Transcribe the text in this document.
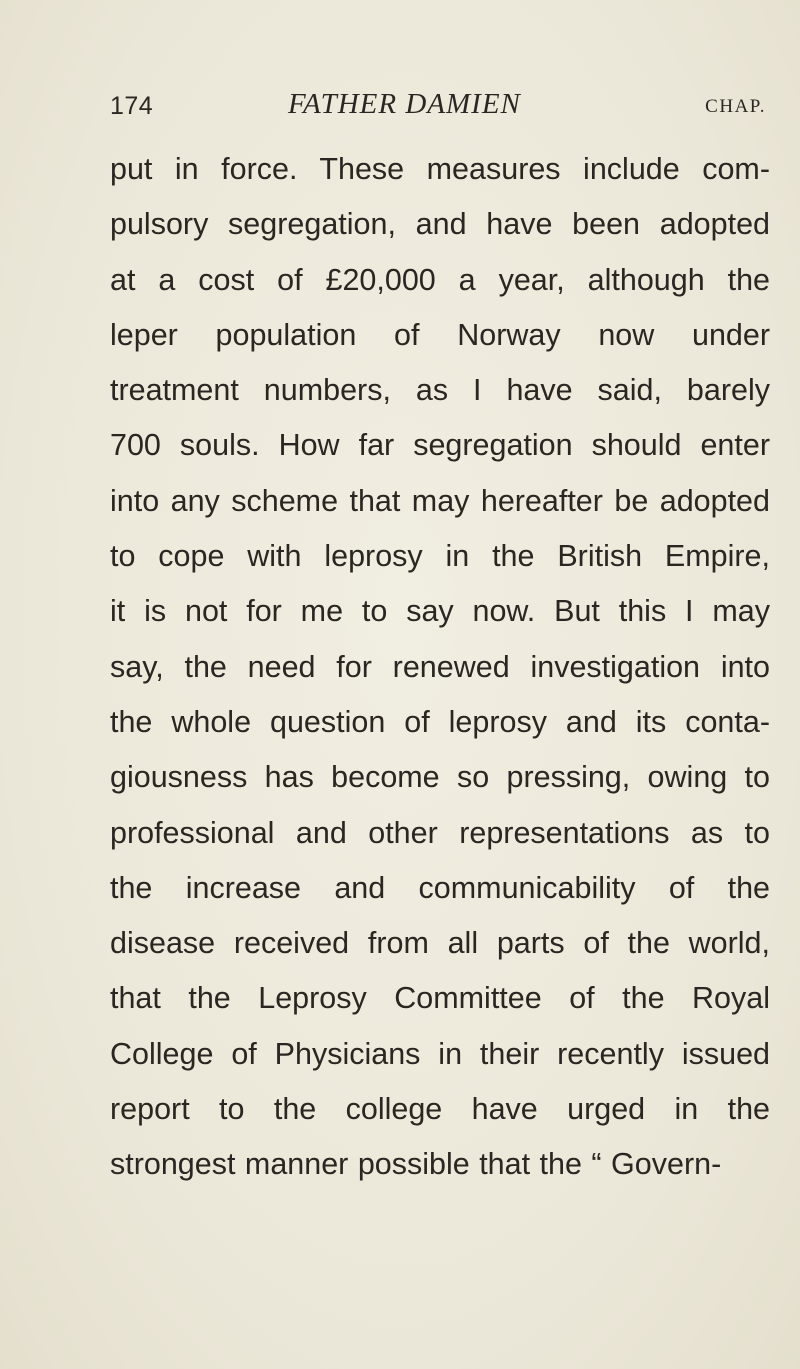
174	FATHER DAMIEN	CHAP.
put in force. These measures include com-
pulsory segregation, and have been adopted
at a cost of £20,000 a year, although the
leper population of Norway now under
treatment numbers, as I have said, barely
700 souls. How far segregation should enter
into any scheme that may hereafter be adopted
to cope with leprosy in the British Empire,
it is not for me to say now. But this I may
say, the need for renewed investigation into
the whole question of leprosy and its conta-
giousness has become so pressing, owing to
professional and other representations as to
the increase and communicability of the
disease received from all parts of the world,
that the Leprosy Committee of the Royal
College of Physicians in their recently issued
report to the college have urged in the
strongest manner possible that the “ Govern-
